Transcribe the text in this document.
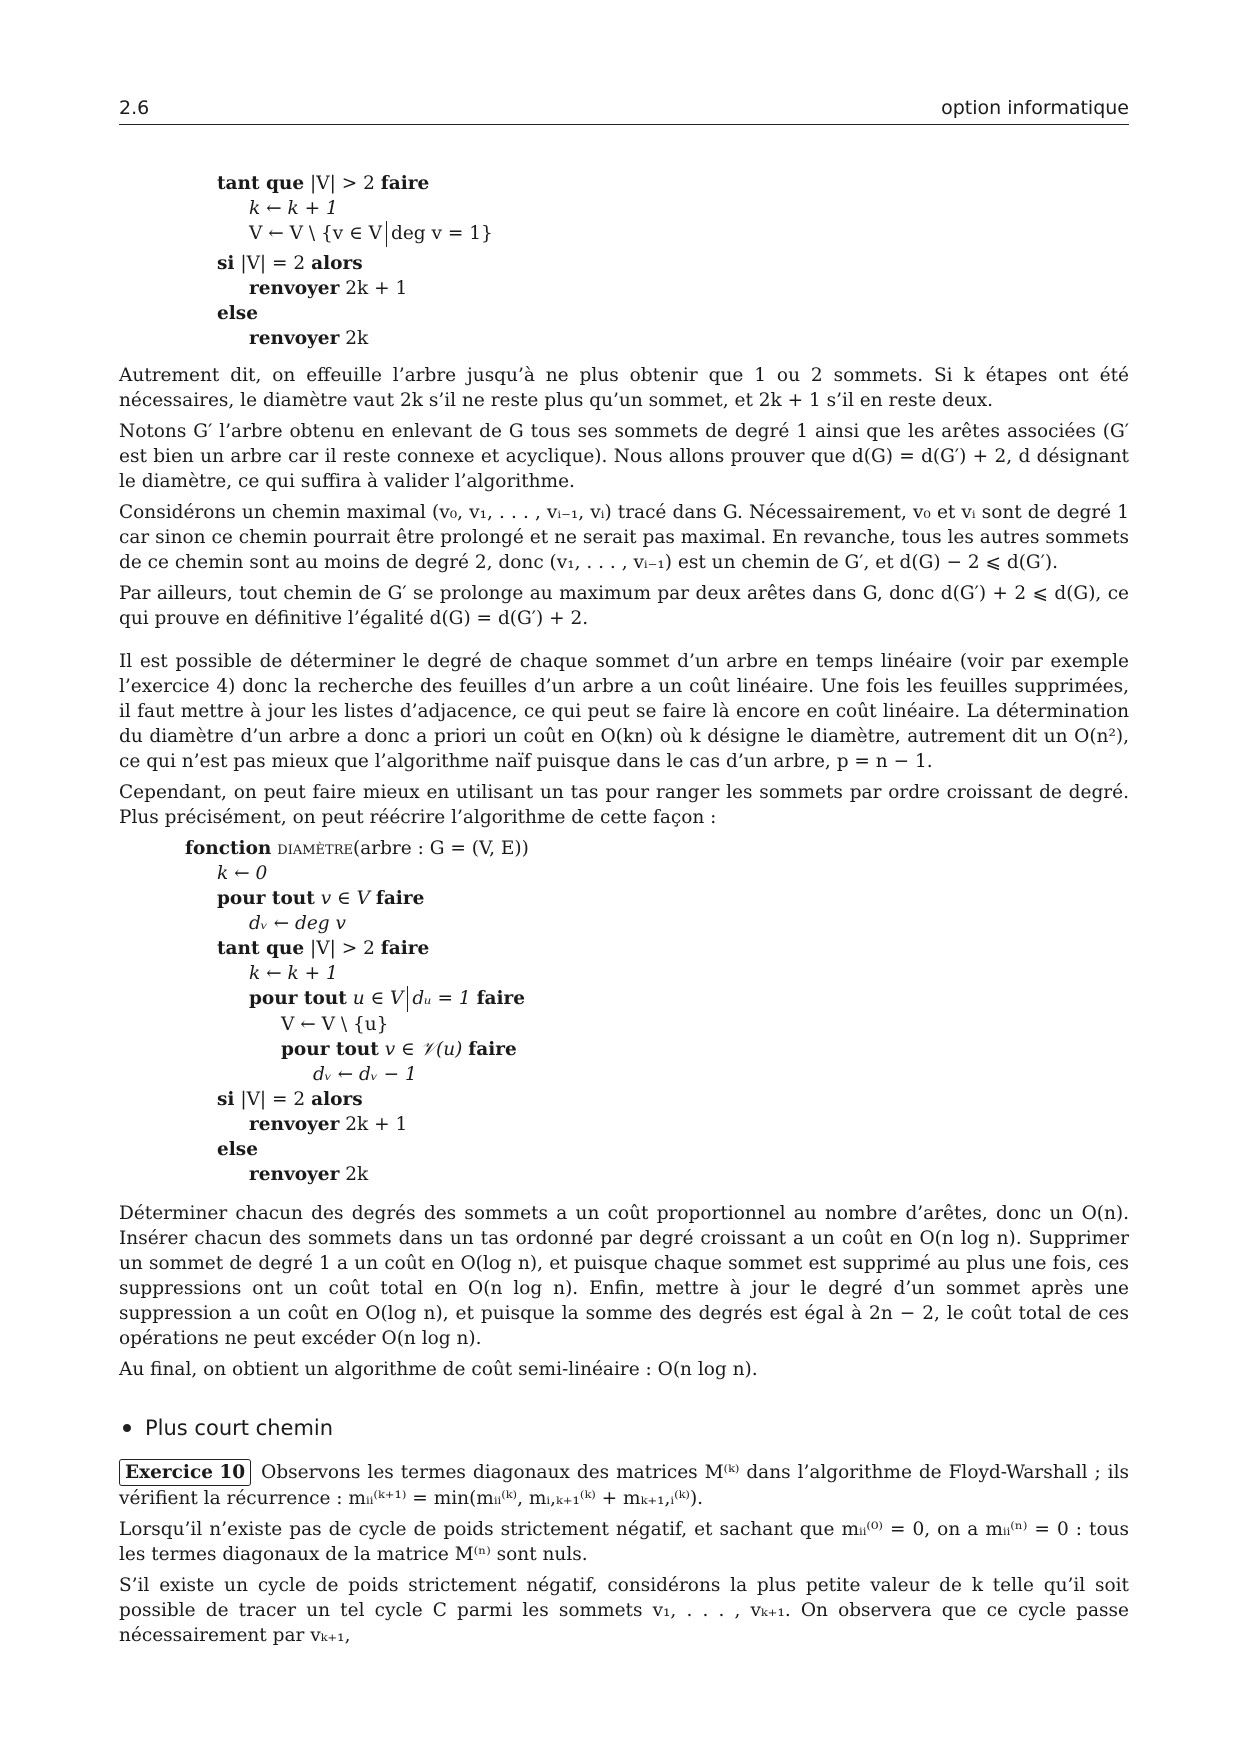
2.6	option informatique
tant que |V| > 2 faire
k ← k + 1
V ← V \ {v ∈ V deg v = 1}
si |V| = 2 alors
renvoyer 2k + 1
else
renvoyer 2k

Autrement dit, on effeuille l’arbre jusqu’à ne plus obtenir que 1 ou 2 sommets. Si k étapes ont été nécessaires, le diamètre vaut 2k s’il ne reste plus qu’un sommet, et 2k + 1 s’il en reste deux.

Notons G′ l’arbre obtenu en enlevant de G tous ses sommets de degré 1 ainsi que les arêtes associées (G′ est bien un arbre car il reste connexe et acyclique). Nous allons prouver que d(G) = d(G′) + 2, d désignant le diamètre, ce qui suffira à valider l’algorithme.

Considérons un chemin maximal (v₀, v₁, . . . , vᵢ₋₁, vᵢ) tracé dans G. Nécessairement, v₀ et vᵢ sont de degré 1 car sinon ce chemin pourrait être prolongé et ne serait pas maximal. En revanche, tous les autres sommets de ce chemin sont au moins de degré 2, donc (v₁, . . . , vᵢ₋₁) est un chemin de G′, et d(G) − 2 ⩽ d(G′).

Par ailleurs, tout chemin de G′ se prolonge au maximum par deux arêtes dans G, donc d(G′) + 2 ⩽ d(G), ce qui prouve en définitive l’égalité d(G) = d(G′) + 2.

Il est possible de déterminer le degré de chaque sommet d’un arbre en temps linéaire (voir par exemple l’exercice 4) donc la recherche des feuilles d’un arbre a un coût linéaire. Une fois les feuilles supprimées, il faut mettre à jour les listes d’adjacence, ce qui peut se faire là encore en coût linéaire. La détermination du diamètre d’un arbre a donc a priori un coût en O(kn) où k désigne le diamètre, autrement dit un O(n²), ce qui n’est pas mieux que l’algorithme naïf puisque dans le cas d’un arbre, p = n − 1.

Cependant, on peut faire mieux en utilisant un tas pour ranger les sommets par ordre croissant de degré. Plus précisément, on peut réécrire l’algorithme de cette façon :

fonction diamètre(arbre : G = (V, E))
k ← 0
pour tout v ∈ V faire
dᵥ ← deg v
tant que |V| > 2 faire
k ← k + 1
pour tout u ∈ V dᵤ = 1 faire
V ← V \ {u}
pour tout v ∈ 𝒱(u) faire
dᵥ ← dᵥ − 1
si |V| = 2 alors
renvoyer 2k + 1
else
renvoyer 2k

Déterminer chacun des degrés des sommets a un coût proportionnel au nombre d’arêtes, donc un O(n). Insérer chacun des sommets dans un tas ordonné par degré croissant a un coût en O(n log n). Supprimer un sommet de degré 1 a un coût en O(log n), et puisque chaque sommet est supprimé au plus une fois, ces suppressions ont un coût total en O(n log n). Enfin, mettre à jour le degré d’un sommet après une suppression a un coût en O(log n), et puisque la somme des degrés est égal à 2n − 2, le coût total de ces opérations ne peut excéder O(n log n).

Au final, on obtient un algorithme de coût semi-linéaire : O(n log n).

Plus court chemin

Exercice 10 Observons les termes diagonaux des matrices M⁽ᵏ⁾ dans l’algorithme de Floyd-Warshall ; ils vérifient la récurrence : mᵢᵢ⁽ᵏ⁺¹⁾ = min(mᵢᵢ⁽ᵏ⁾, mᵢ,ₖ₊₁⁽ᵏ⁾ + mₖ₊₁,ᵢ⁽ᵏ⁾).

Lorsqu’il n’existe pas de cycle de poids strictement négatif, et sachant que mᵢᵢ⁽⁰⁾ = 0, on a mᵢᵢ⁽ⁿ⁾ = 0 : tous les termes diagonaux de la matrice M⁽ⁿ⁾ sont nuls.

S’il existe un cycle de poids strictement négatif, considérons la plus petite valeur de k telle qu’il soit possible de tracer un tel cycle C parmi les sommets v₁, . . . , vₖ₊₁. On observera que ce cycle passe nécessairement par vₖ₊₁,
